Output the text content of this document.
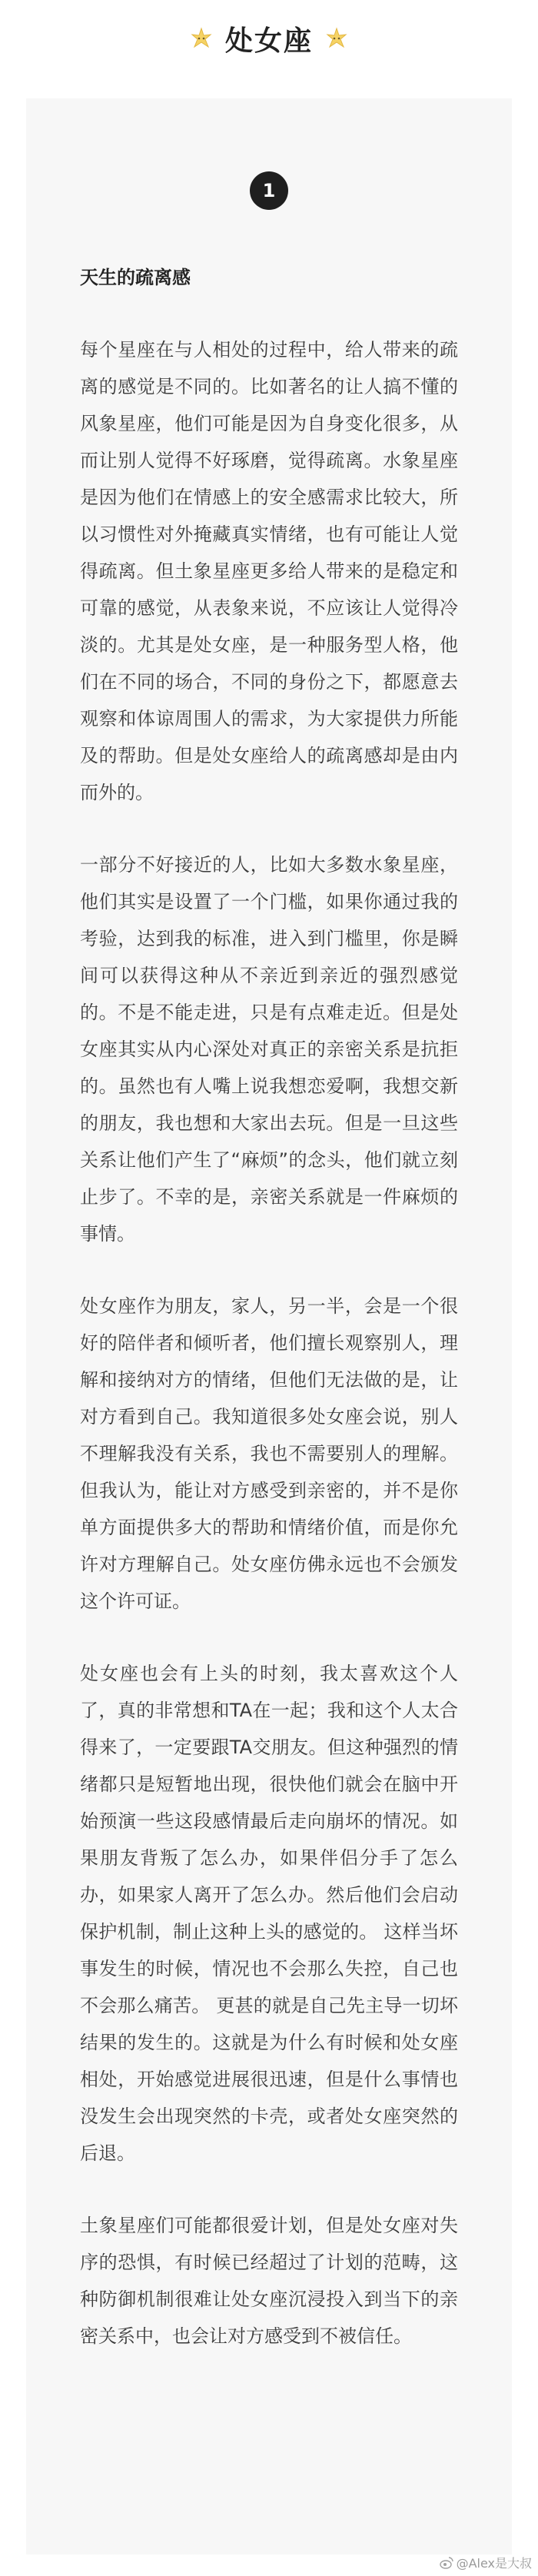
处女座
1
天生的疏离感

每个星座在与人相处的过程中，给人带来的疏离的感觉是不同的。比如著名的让人搞不懂的风象星座，他们可能是因为自身变化很多，从而让别人觉得不好琢磨，觉得疏离。水象星座是因为他们在情感上的安全感需求比较大，所以习惯性对外掩藏真实情绪，也有可能让人觉得疏离。但土象星座更多给人带来的是稳定和可靠的感觉，从表象来说，不应该让人觉得冷淡的。尤其是处女座，是一种服务型人格，他们在不同的场合，不同的身份之下，都愿意去观察和体谅周围人的需求，为大家提供力所能及的帮助。但是处女座给人的疏离感却是由内而外的。

一部分不好接近的人，比如大多数水象星座，他们其实是设置了一个门槛，如果你通过我的考验，达到我的标准，进入到门槛里，你是瞬间可以获得这种从不亲近到亲近的强烈感觉的。不是不能走进，只是有点难走近。但是处女座其实从内心深处对真正的亲密关系是抗拒的。虽然也有人嘴上说我想恋爱啊，我想交新的朋友，我也想和大家出去玩。但是一旦这些关系让他们产生了“麻烦”的念头，他们就立刻止步了。不幸的是，亲密关系就是一件麻烦的事情。

处女座作为朋友，家人，另一半，会是一个很好的陪伴者和倾听者，他们擅长观察别人，理解和接纳对方的情绪，但他们无法做的是，让对方看到自己。我知道很多处女座会说，别人不理解我没有关系，我也不需要别人的理解。但我认为，能让对方感受到亲密的，并不是你单方面提供多大的帮助和情绪价值，而是你允许对方理解自己。处女座仿佛永远也不会颁发这个许可证。

处女座也会有上头的时刻，我太喜欢这个人了，真的非常想和TA在一起；我和这个人太合得来了，一定要跟TA交朋友。但这种强烈的情绪都只是短暂地出现，很快他们就会在脑中开始预演一些这段感情最后走向崩坏的情况。如果朋友背叛了怎么办，如果伴侣分手了怎么办，如果家人离开了怎么办。然后他们会启动保护机制，制止这种上头的感觉的。 这样当坏事发生的时候，情况也不会那么失控，自己也不会那么痛苦。 更甚的就是自己先主导一切坏结果的发生的。这就是为什么有时候和处女座相处，开始感觉进展很迅速，但是什么事情也没发生会出现突然的卡壳，或者处女座突然的后退。

土象星座们可能都很爱计划，但是处女座对失序的恐惧，有时候已经超过了计划的范畴，这种防御机制很难让处女座沉浸投入到当下的亲密关系中，也会让对方感受到不被信任。

@Alex是大叔
